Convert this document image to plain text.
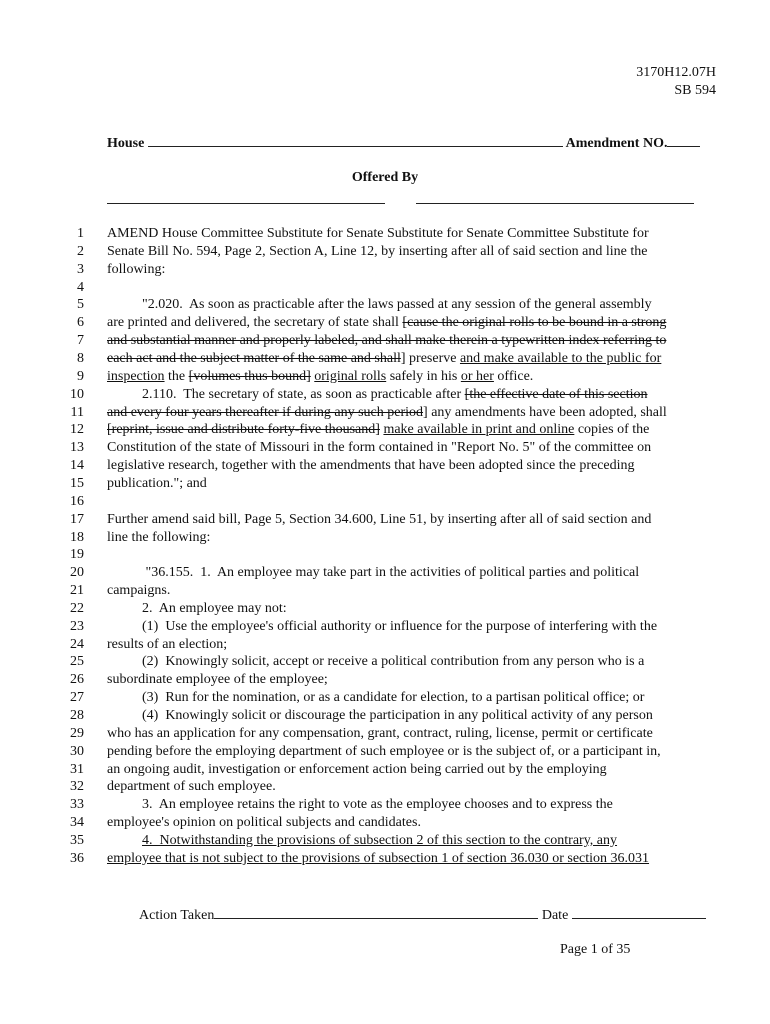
3170H12.07H
SB 594
House	Amendment NO.
Offered By
1 AMEND House Committee Substitute for Senate Substitute for Senate Committee Substitute for
2 Senate Bill No. 594, Page 2, Section A, Line 12, by inserting after all of said section and line the
3 following:
4
5 "2.020.  As soon as practicable after the laws passed at any session of the general assembly
6 are printed and delivered, the secretary of state shall [cause the original rolls to be bound in a strong
7 and substantial manner and properly labeled, and shall make therein a typewritten index referring to
8 each act and the subject matter of the same and shall] preserve and make available to the public for
9 inspection the [volumes thus bound] original rolls safely in his or her office.
10 2.110.  The secretary of state, as soon as practicable after [the effective date of this section
11 and every four years thereafter if during any such period] any amendments have been adopted, shall
12 [reprint, issue and distribute forty-five thousand] make available in print and online copies of the
13 Constitution of the state of Missouri in the form contained in "Report No. 5" of the committee on
14 legislative research, together with the amendments that have been adopted since the preceding
15 publication."; and
16
17 Further amend said bill, Page 5, Section 34.600, Line 51, by inserting after all of said section and
18 line the following:
19
20 "36.155.  1.  An employee may take part in the activities of political parties and political
21 campaigns.
22 2.  An employee may not:
23 (1)  Use the employee's official authority or influence for the purpose of interfering with the
24 results of an election;
25 (2)  Knowingly solicit, accept or receive a political contribution from any person who is a
26 subordinate employee of the employee;
27 (3)  Run for the nomination, or as a candidate for election, to a partisan political office; or
28 (4)  Knowingly solicit or discourage the participation in any political activity of any person
29 who has an application for any compensation, grant, contract, ruling, license, permit or certificate
30 pending before the employing department of such employee or is the subject of, or a participant in,
31 an ongoing audit, investigation or enforcement action being carried out by the employing
32 department of such employee.
33 3.  An employee retains the right to vote as the employee chooses and to express the
34 employee's opinion on political subjects and candidates.
35	4.  Notwithstanding the provisions of subsection 2 of this section to the contrary, any
36 employee that is not subject to the provisions of subsection 1 of section 36.030 or section 36.031
Action Taken	Date
Page 1 of 35
